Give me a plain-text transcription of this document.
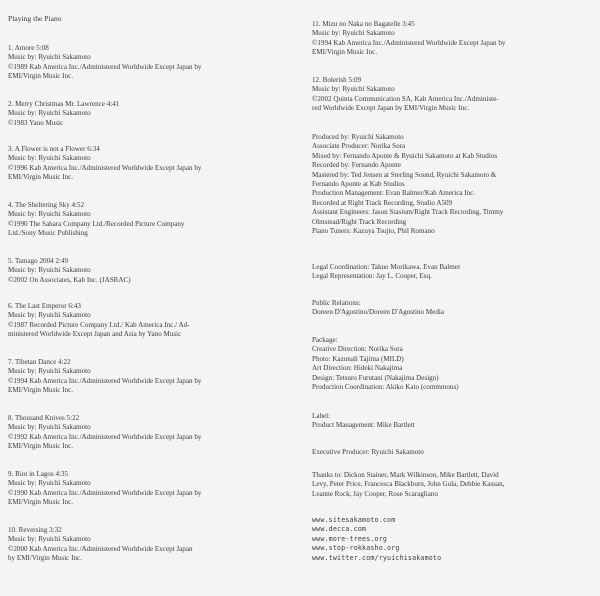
Playing the Piano
1. Amore 5:08
Music by: Ryuichi Sakamoto
©1989 Kab America Inc./Administered Worldwide Except Japan by
EMI/Virgin Music Inc.
2. Merry Christmas Mr. Lawrence 4:41
Music by: Ryuichi Sakamoto
©1983 Yano Music
3. A Flower is not a Flower 6:34
Music by: Ryuichi Sakamoto
©1996 Kab America Inc./Administered Worldwide Except Japan by
EMI/Virgin Music Inc.
4. The Sheltering Sky 4:52
Music by: Ryuichi Sakamoto
©1990 The Sahara Company Ltd./Recorded Picture Company
Ltd./Sony Music Publishing
5. Tamago 2004 2:49
Music by: Ryuichi Sakamoto
©2002 On Associates, Kab Inc. (JASRAC)
6. The Last Emperor 6:43
Music by: Ryuichi Sakamoto
©1987 Recorded Picture Company Ltd./ Kab America Inc./ Ad-
ministered Worldwide Except Japan and Asia by Yano Music
7. Tibetan Dance 4:22
Music by: Ryuichi Sakamoto
©1994 Kab America Inc./Administered Worldwide Except Japan by
EMI/Virgin Music Inc.
8. Thousand Knives 5:22
Music by: Ryuichi Sakamoto
©1992 Kab America Inc./Administered Worldwide Except Japan by
EMI/Virgin Music Inc.
9. Riot in Lagos 4:35
Music by: Ryuichi Sakamoto
©1990 Kab America Inc./Administered Worldwide Except Japan by
EMI/Virgin Music Inc.
10. Reversing 3:32
Music by: Ryuichi Sakamoto
©2000 Kab America Inc./Administered Worldwide Except Japan
by EMI/Virgin Music Inc.
11. Mizu no Naka no Bagatelle 3:45
Music by: Ryuichi Sakamoto
©1994 Kab America Inc./Administered Worldwide Except Japan by
EMI/Virgin Music Inc.
12. Bolerish 5:09
Music by: Ryuichi Sakamoto
©2002 Quinta Communication SA, Kab America Inc./Administe-
red Worldwide Except Japan by EMI/Virgin Music Inc.
Produced by: Ryuichi Sakamoto
Associate Producer: Norika Sora
Mixed by: Fernando Aponte & Ryuichi Sakamoto at Kab Studios
Recorded by: Fernando Aponte
Mastered by: Ted Jensen at Sterling Sound, Ryuichi Sakamoto &
Fernando Aponte at Kab Studios
Production Management: Evan Balmer/Kab America Inc.
Recorded at Right Track Recording, Studio A509
Assistant Engineers: Jason Stasium/Right Track Recording, Timmy
Olmstead/Right Track Recording
Piano Tuners: Kazuya Tsujio, Phil Romano
Legal Coordination: Takuo Morikawa, Evan Balmer
Legal Representation: Jay L. Cooper, Esq.
Public Relations:
Doreen D'Agostino/Doreen D'Agostino Media
Package:
Creative Direction: Norika Sora
Photo: Kazunali Tajima (MILD)
Art Direction: Hideki Nakajima
Design: Tetsuro Furutani (Nakajima Design)
Production Coordination: Akiko Kato (commmons)
Label:
Product Management: Mike Bartlett
Executive Producer: Ryuichi Sakamoto
Thanks to: Dickon Stainer, Mark Wilkinson, Mike Bartlett, David
Levy, Peter Price, Francesca Blackburn, John Gula, Debbie Kassan,
Leanne Rock, Jay Cooper, Rose Scaragliano
www.sitesakamoto.com
www.decca.com
www.more-trees.org
www.stop-rokkasho.org
www.twitter.com/ryuichisakamoto
